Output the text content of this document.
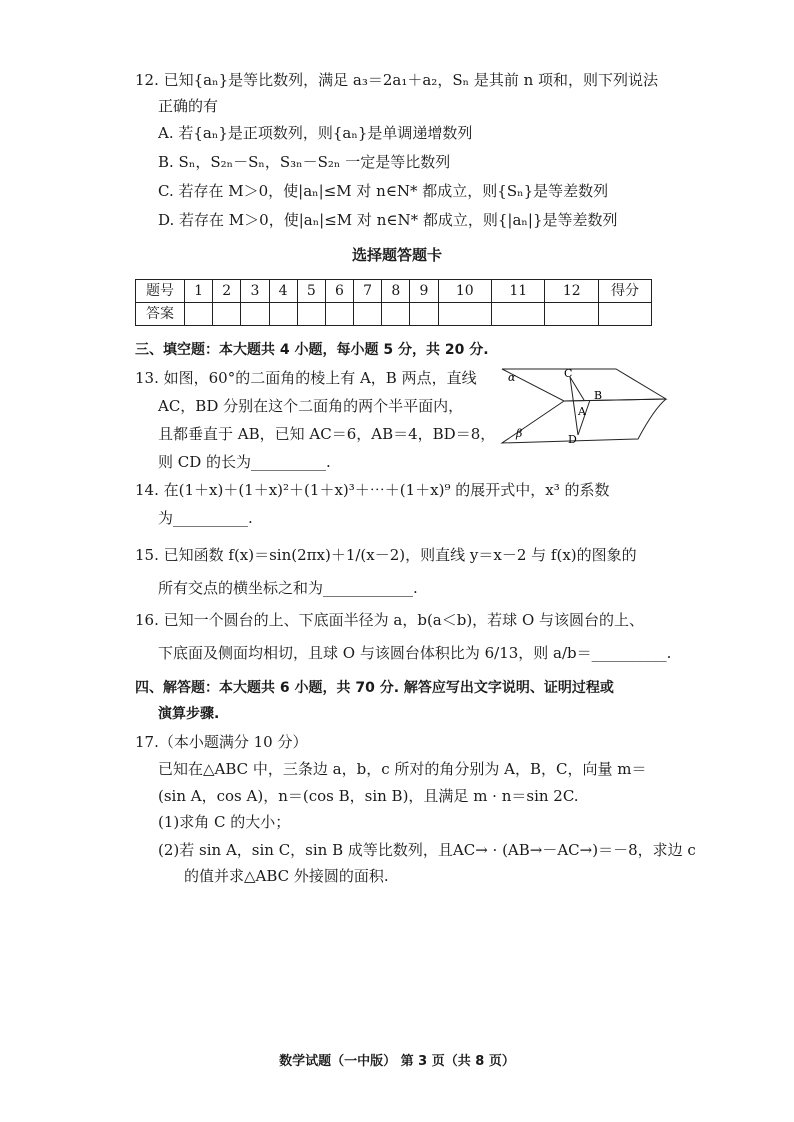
12. 已知{aₙ}是等比数列，满足 a₃＝2a₁＋a₂，Sₙ 是其前 n 项和，则下列说法
正确的有
A. 若{aₙ}是正项数列，则{aₙ}是单调递增数列
B. Sₙ，S₂ₙ－Sₙ，S₃ₙ－S₂ₙ 一定是等比数列
C. 若存在 M＞0，使|aₙ|≤M 对 n∈N* 都成立，则{Sₙ}是等差数列
D. 若存在 M＞0，使|aₙ|≤M 对 n∈N* 都成立，则{|aₙ|}是等差数列
选择题答题卡
题号	1	2	3	4	5	6	7	8	9	10	11	12	得分
答案													
三、填空题：本大题共 4 小题，每小题 5 分，共 20 分.
13. 如图，60°的二面角的棱上有 A，B 两点，直线
AC，BD 分别在这个二面角的两个半平面内，
且都垂直于 AB，已知 AC＝6，AB＝4，BD＝8，
则 CD 的长为__________.
α
β
C
A
B
D
14. 在(1＋x)＋(1＋x)²＋(1＋x)³＋⋯＋(1＋x)⁹ 的展开式中，x³ 的系数
为__________.
15. 已知函数 f(x)＝sin(2πx)＋1/(x－2)，则直线 y＝x－2 与 f(x)的图象的
所有交点的横坐标之和为____________.
16. 已知一个圆台的上、下底面半径为 a，b(a＜b)，若球 O 与该圆台的上、
下底面及侧面均相切，且球 O 与该圆台体积比为 6/13，则 a/b＝__________.
四、解答题：本大题共 6 小题，共 70 分. 解答应写出文字说明、证明过程或
演算步骤.
17.（本小题满分 10 分）
已知在△ABC 中，三条边 a，b，c 所对的角分别为 A，B，C，向量 m＝
(sin A，cos A)，n＝(cos B，sin B)，且满足 m · n＝sin 2C.
(1)求角 C 的大小；
(2)若 sin A，sin C，sin B 成等比数列，且AC→ · (AB→－AC→)＝－8，求边 c
的值并求△ABC 外接圆的面积.
数学试题（一中版） 第 3 页（共 8 页）
